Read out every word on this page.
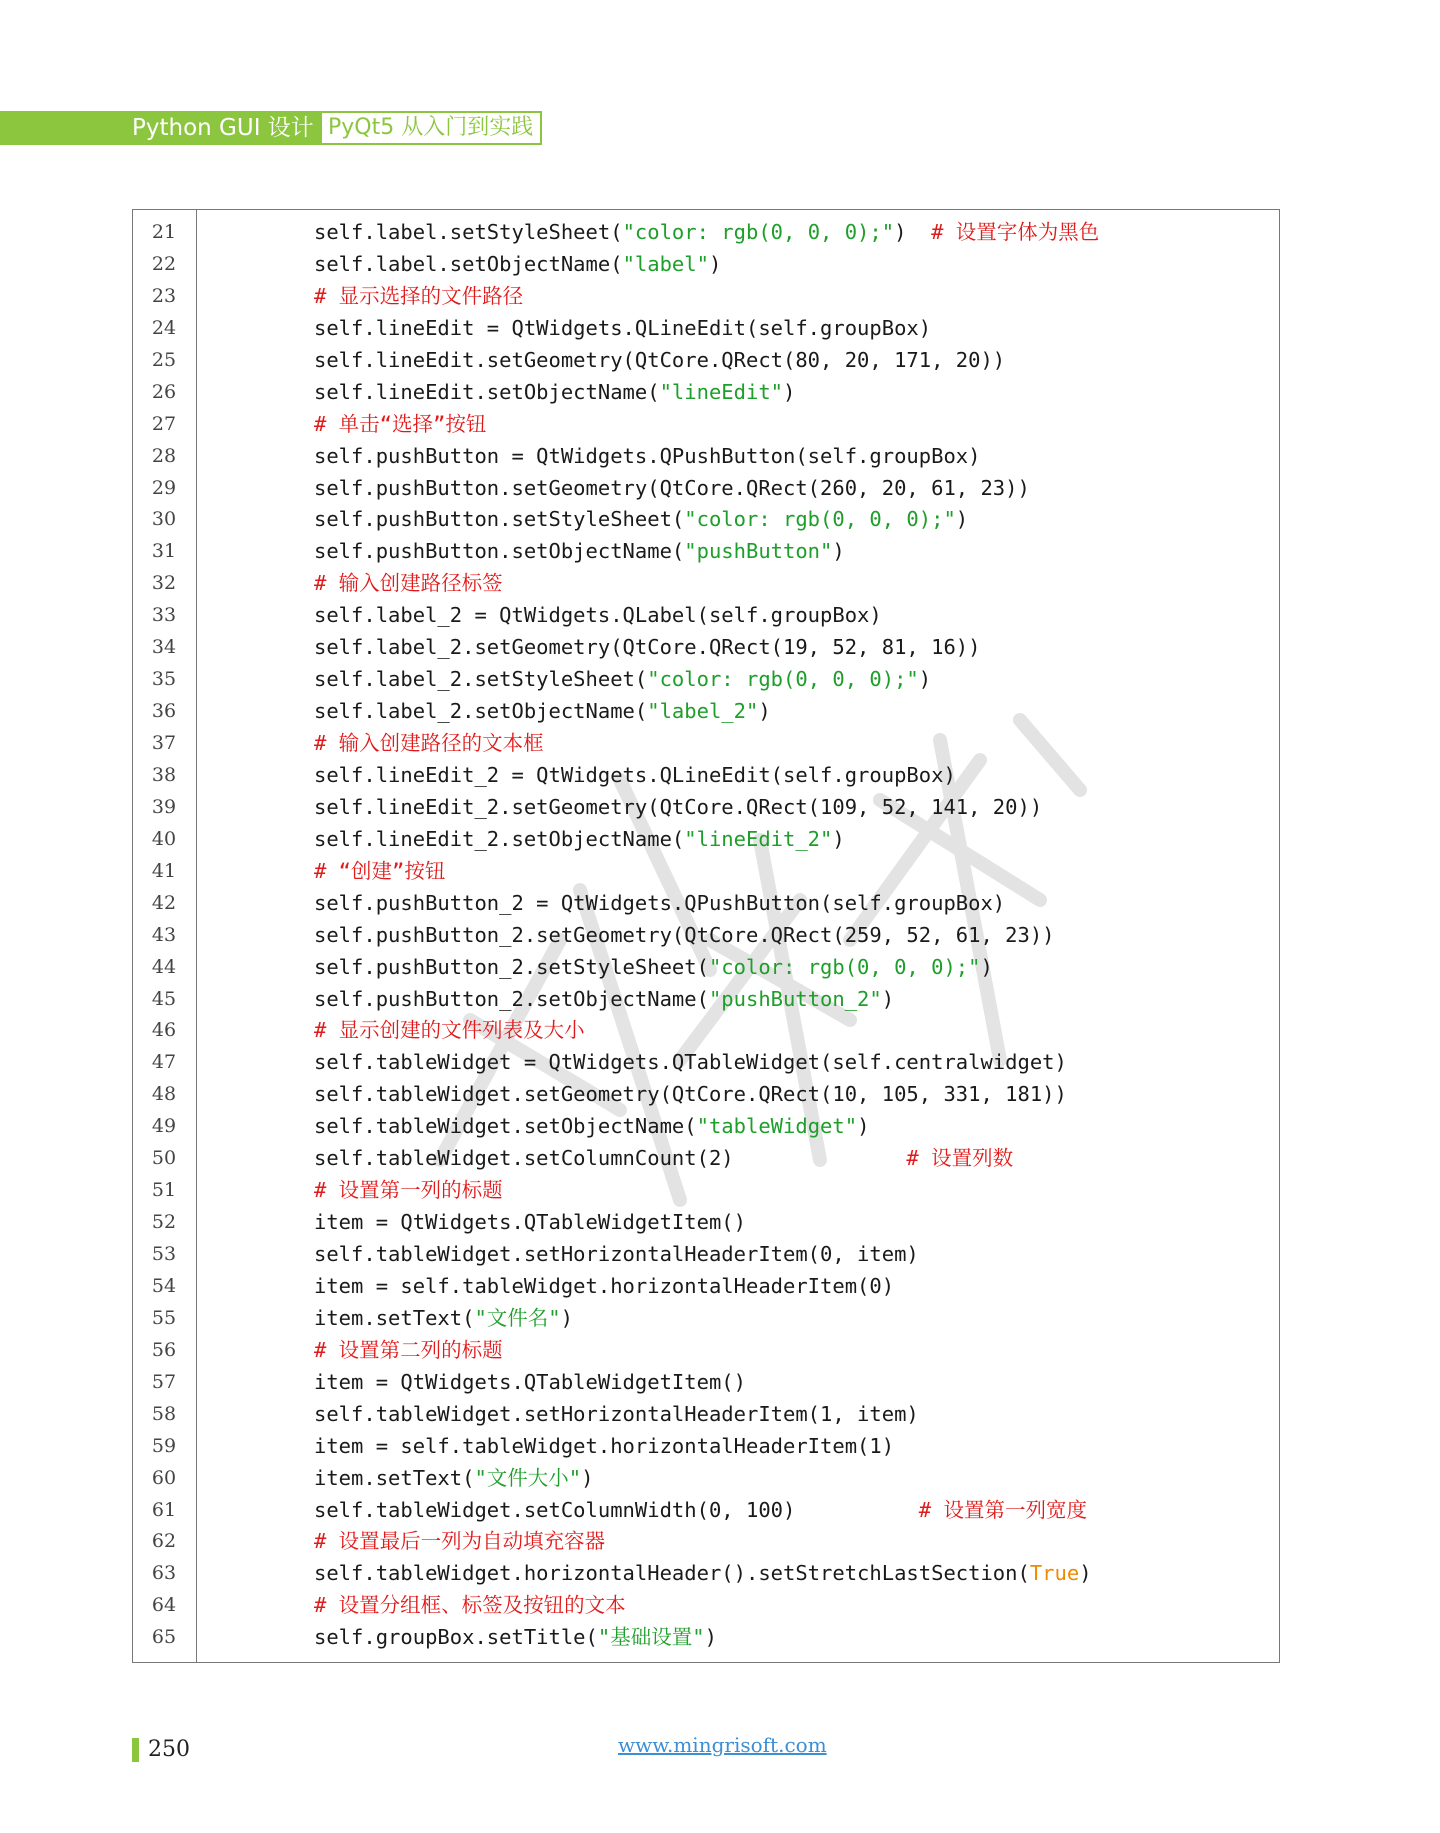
Python GUI 设计 PyQt5 从入门到实践
21	self.label.setStyleSheet("color: rgb(0, 0, 0);")  # 设置字体为黑色
22	self.label.setObjectName("label")
23	# 显示选择的文件路径
24	self.lineEdit = QtWidgets.QLineEdit(self.groupBox)
25	self.lineEdit.setGeometry(QtCore.QRect(80, 20, 171, 20))
26	self.lineEdit.setObjectName("lineEdit")
27	# 单击“选择”按钮
28	self.pushButton = QtWidgets.QPushButton(self.groupBox)
29	self.pushButton.setGeometry(QtCore.QRect(260, 20, 61, 23))
30	self.pushButton.setStyleSheet("color: rgb(0, 0, 0);")
31	self.pushButton.setObjectName("pushButton")
32	# 输入创建路径标签
33	self.label_2 = QtWidgets.QLabel(self.groupBox)
34	self.label_2.setGeometry(QtCore.QRect(19, 52, 81, 16))
35	self.label_2.setStyleSheet("color: rgb(0, 0, 0);")
36	self.label_2.setObjectName("label_2")
37	# 输入创建路径的文本框
38	self.lineEdit_2 = QtWidgets.QLineEdit(self.groupBox)
39	self.lineEdit_2.setGeometry(QtCore.QRect(109, 52, 141, 20))
40	self.lineEdit_2.setObjectName("lineEdit_2")
41	# “创建”按钮
42	self.pushButton_2 = QtWidgets.QPushButton(self.groupBox)
43	self.pushButton_2.setGeometry(QtCore.QRect(259, 52, 61, 23))
44	self.pushButton_2.setStyleSheet("color: rgb(0, 0, 0);")
45	self.pushButton_2.setObjectName("pushButton_2")
46	# 显示创建的文件列表及大小
47	self.tableWidget = QtWidgets.QTableWidget(self.centralwidget)
48	self.tableWidget.setGeometry(QtCore.QRect(10, 105, 331, 181))
49	self.tableWidget.setObjectName("tableWidget")
50	self.tableWidget.setColumnCount(2)              # 设置列数
51	# 设置第一列的标题
52	item = QtWidgets.QTableWidgetItem()
53	self.tableWidget.setHorizontalHeaderItem(0, item)
54	item = self.tableWidget.horizontalHeaderItem(0)
55	item.setText("文件名")
56	# 设置第二列的标题
57	item = QtWidgets.QTableWidgetItem()
58	self.tableWidget.setHorizontalHeaderItem(1, item)
59	item = self.tableWidget.horizontalHeaderItem(1)
60	item.setText("文件大小")
61	self.tableWidget.setColumnWidth(0, 100)          # 设置第一列宽度
62	# 设置最后一列为自动填充容器
63	self.tableWidget.horizontalHeader().setStretchLastSection(True)
64	# 设置分组框、标签及按钮的文本
65	self.groupBox.setTitle("基础设置")
250	www.mingrisoft.com
